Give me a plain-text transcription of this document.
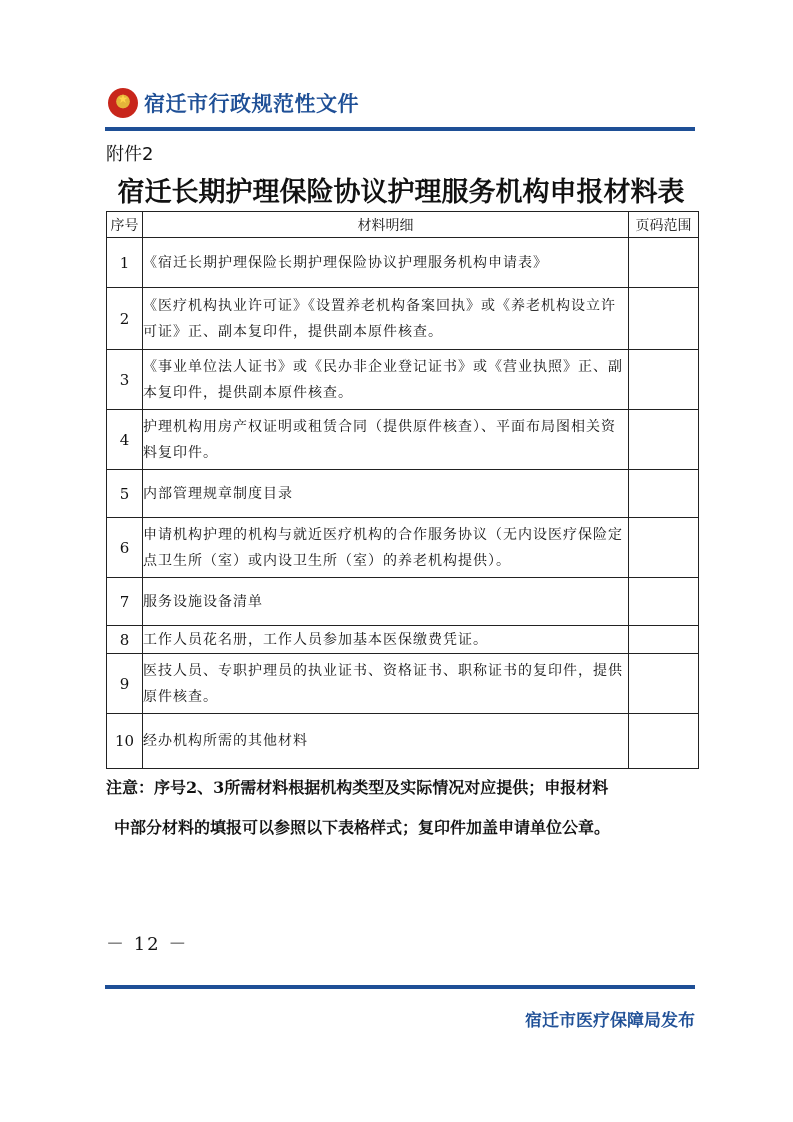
★
宿迁市行政规范性文件
附件2
宿迁长期护理保险协议护理服务机构申报材料表
序号	材料明细	页码范围
1	《宿迁长期护理保险长期护理保险协议护理服务机构申请表》	
2	《医疗机构执业许可证》《设置养老机构备案回执》或《养老机构设立许可证》正、副本复印件，提供副本原件核查。	
3	《事业单位法人证书》或《民办非企业登记证书》或《营业执照》正、副本复印件，提供副本原件核查。	
4	护理机构用房产权证明或租赁合同（提供原件核查）、平面布局图相关资料复印件。	
5	内部管理规章制度目录	
6	申请机构护理的机构与就近医疗机构的合作服务协议（无内设医疗保险定点卫生所（室）或内设卫生所（室）的养老机构提供）。	
7	服务设施设备清单	
8	工作人员花名册，工作人员参加基本医保缴费凭证。	
9	医技人员、专职护理员的执业证书、资格证书、职称证书的复印件，提供原件核查。	
10	经办机构所需的其他材料	

注意：序号2、3所需材料根据机构类型及实际情况对应提供；申报材料

中部分材料的填报可以参照以下表格样式；复印件加盖申请单位公章。

－ 12 －
宿迁市医疗保障局发布
